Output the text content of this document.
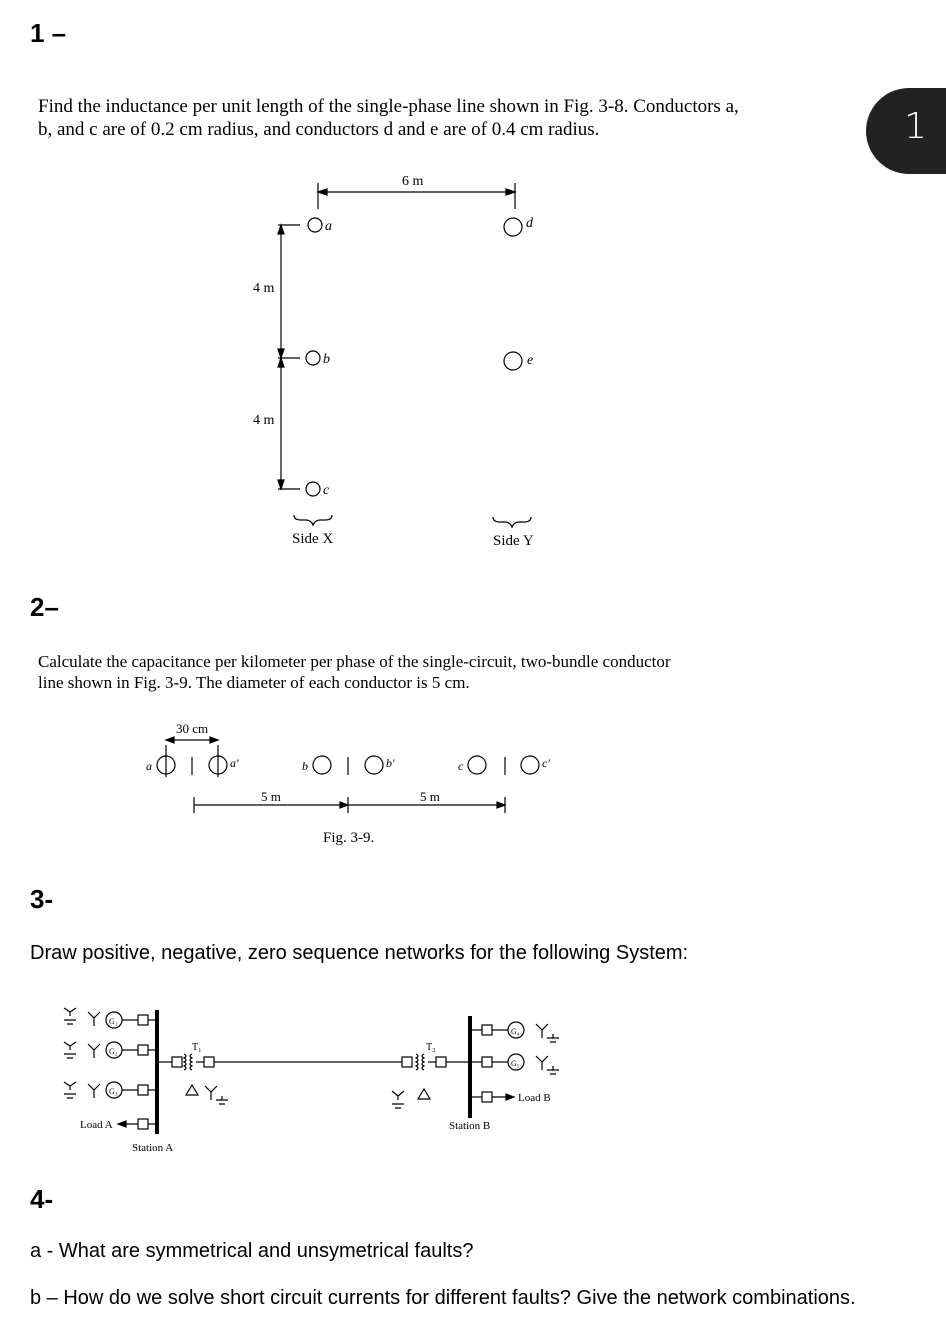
1
1 –
Find the inductance per unit length of the single-phase line shown in Fig. 3-8. Conductors a,
b, and c are of 0.2 cm radius, and conductors d and e are of 0.4 cm radius.
6 m
4 m
4 m
a
b
c
d
e
Side X	Side Y
2–
Calculate the capacitance per kilometer per phase of the single-circuit, two-bundle conductor
line shown in Fig. 3-9. The diameter of each conductor is 5 cm.
30 cm
a	a′	b	b′	c	c′
5 m	5 m
Fig. 3-9.
3-
Draw positive, negative, zero sequence networks for the following System:
G₁
G₂
G₃
G₄
G₅
T₁	T₂
Load A
Load B
Station A
Station B
4-
a - What are symmetrical and unsymetrical faults?
b – How do we solve short circuit currents for different faults? Give the network combinations.
